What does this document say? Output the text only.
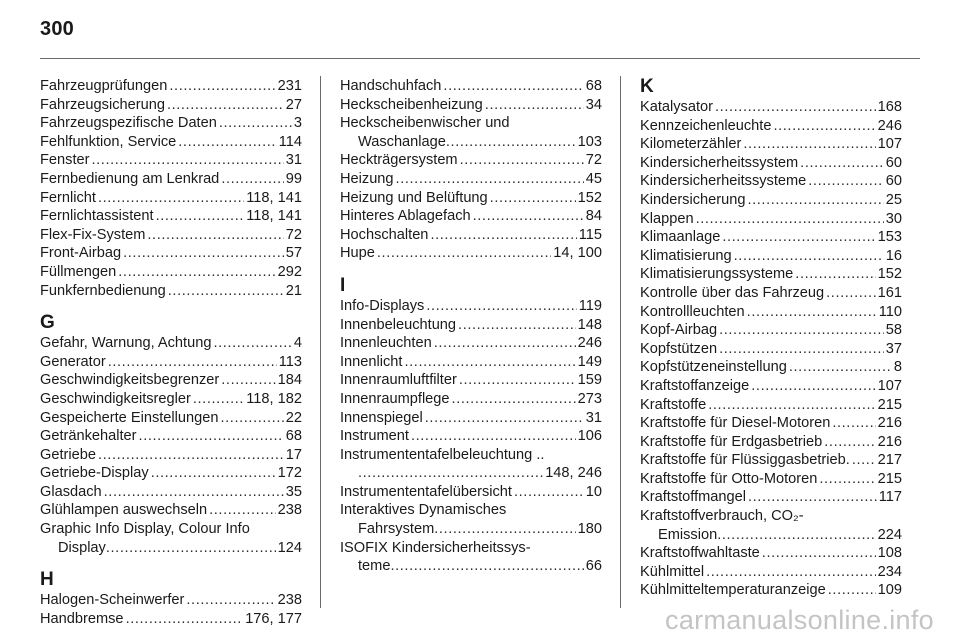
300
Fahrzeugprüfungen .....	231
Fahrzeugsicherung .....	27
Fahrzeugspezifische Daten .....	3
Fehlfunktion, Service .....	114
Fenster .....	31
Fernbedienung am Lenkrad .....	99
Fernlicht .....	118, 141
Fernlichtassistent .....	118, 141
Flex-Fix-System .....	72
Front-Airbag .....	57
Füllmengen .....	292
Funkfernbedienung .....	21
G
Gefahr, Warnung, Achtung .....	4
Generator .....	113
Geschwindigkeitsbegrenzer .....	184
Geschwindigkeitsregler .....	118, 182
Gespeicherte Einstellungen .....	22
Getränkehalter .....	68
Getriebe .....	17
Getriebe-Display .....	172
Glasdach .....	35
Glühlampen auswechseln .....	238
Graphic Info Display, Colour Info
Display .....	124
H
Halogen-Scheinwerfer .....	238
Handbremse .....	176, 177
Handschuhfach .....	68
Heckscheibenheizung .....	34
Heckscheibenwischer und
Waschanlage .....	103
Heckträgersystem .....	72
Heizung .....	45
Heizung und Belüftung .....	152
Hinteres Ablagefach .....	84
Hochschalten .....	115
Hupe .....	14, 100
I
Info-Displays .....	119
Innenbeleuchtung .....	148
Innenleuchten .....	246
Innenlicht .....	149
Innenraumluftfilter .....	159
Innenraumpflege .....	273
Innenspiegel .....	31
Instrument .....	106
Instrumententafelbeleuchtung ..
.....
148, 246
Instrumententafelübersicht .....	10
Interaktives Dynamisches
Fahrsystem .....	180
ISOFIX Kindersicherheitssys-
teme .....	66
K
Katalysator .....	168
Kennzeichenleuchte .....	246
Kilometerzähler .....	107
Kindersicherheitssystem .....	60
Kindersicherheitssysteme .....	60
Kindersicherung .....	25
Klappen .....	30
Klimaanlage .....	153
Klimatisierung .....	16
Klimatisierungssysteme .....	152
Kontrolle über das Fahrzeug .....	161
Kontrollleuchten .....	110
Kopf-Airbag .....	58
Kopfstützen .....	37
Kopfstützeneinstellung .....	8
Kraftstoffanzeige .....	107
Kraftstoffe .....	215
Kraftstoffe für Diesel-Motoren .....	216
Kraftstoffe für Erdgasbetrieb .....	216
Kraftstoffe für Flüssiggasbetrieb. ..... 217
Kraftstoffe für Otto-Motoren .....	215
Kraftstoffmangel .....	117
Kraftstoffverbrauch, CO₂-
Emission .....	224
Kraftstoffwahltaste .....	108
Kühlmittel .....	234
Kühlmitteltemperaturanzeige .....	109
carmanualsonline.info
